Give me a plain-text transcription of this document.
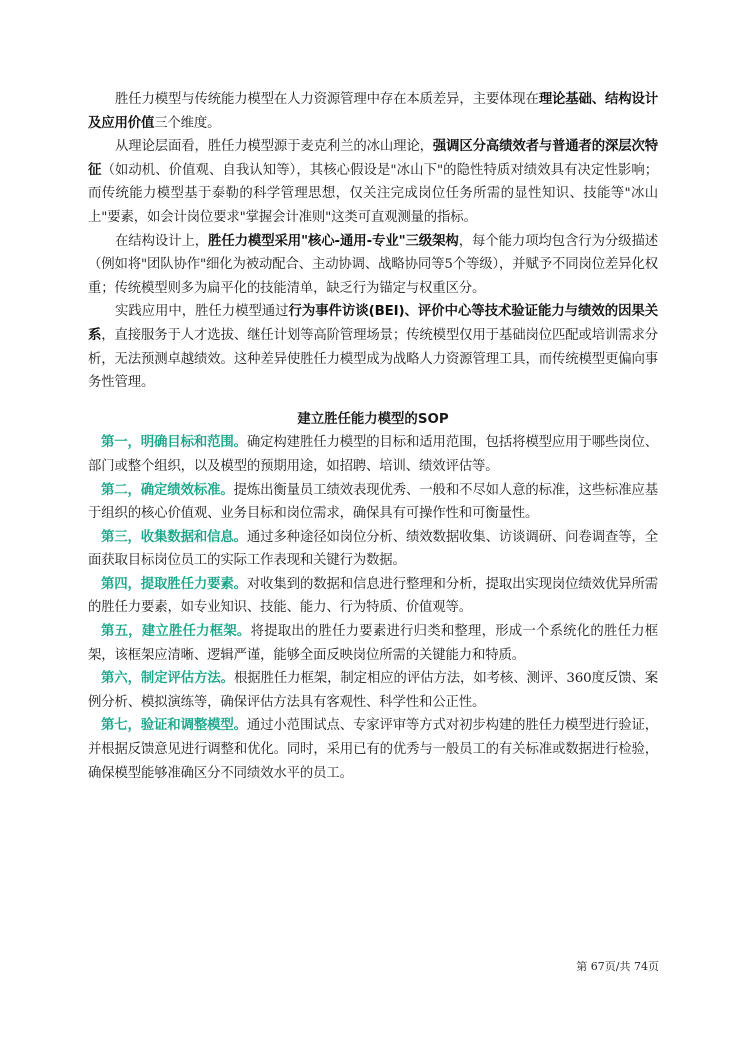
胜任力模型与传统能力模型在人力资源管理中存在本质差异，主要体现在理论基础、结构设计及应用价值三个维度。

从理论层面看，胜任力模型源于麦克利兰的冰山理论，强调区分高绩效者与普通者的深层次特征（如动机、价值观、自我认知等），其核心假设是"冰山下"的隐性特质对绩效具有决定性影响；而传统能力模型基于泰勒的科学管理思想，仅关注完成岗位任务所需的显性知识、技能等"冰山上"要素，如会计岗位要求"掌握会计准则"这类可直观测量的指标。

在结构设计上，胜任力模型采用"核心-通用-专业"三级架构，每个能力项均包含行为分级描述（例如将"团队协作"细化为被动配合、主动协调、战略协同等5个等级），并赋予不同岗位差异化权重；传统模型则多为扁平化的技能清单，缺乏行为锚定与权重区分。

实践应用中，胜任力模型通过行为事件访谈(BEI)、评价中心等技术验证能力与绩效的因果关系，直接服务于人才选拔、继任计划等高阶管理场景；传统模型仅用于基础岗位匹配或培训需求分析，无法预测卓越绩效。这种差异使胜任力模型成为战略人力资源管理工具，而传统模型更偏向事务性管理。

建立胜任能力模型的SOP

第一，明确目标和范围。确定构建胜任力模型的目标和适用范围，包括将模型应用于哪些岗位、部门或整个组织，以及模型的预期用途，如招聘、培训、绩效评估等。

第二，确定绩效标准。提炼出衡量员工绩效表现优秀、一般和不尽如人意的标准，这些标准应基于组织的核心价值观、业务目标和岗位需求，确保具有可操作性和可衡量性。

第三，收集数据和信息。通过多种途径如岗位分析、绩效数据收集、访谈调研、问卷调查等，全面获取目标岗位员工的实际工作表现和关键行为数据。

第四，提取胜任力要素。对收集到的数据和信息进行整理和分析，提取出实现岗位绩效优异所需的胜任力要素，如专业知识、技能、能力、行为特质、价值观等。

第五，建立胜任力框架。将提取出的胜任力要素进行归类和整理，形成一个系统化的胜任力框架，该框架应清晰、逻辑严谨，能够全面反映岗位所需的关键能力和特质。

第六，制定评估方法。根据胜任力框架，制定相应的评估方法，如考核、测评、360度反馈、案例分析、模拟演练等，确保评估方法具有客观性、科学性和公正性。

第七，验证和调整模型。通过小范围试点、专家评审等方式对初步构建的胜任力模型进行验证，并根据反馈意见进行调整和优化。同时，采用已有的优秀与一般员工的有关标准或数据进行检验，确保模型能够准确区分不同绩效水平的员工。

第 67页/共 74页
